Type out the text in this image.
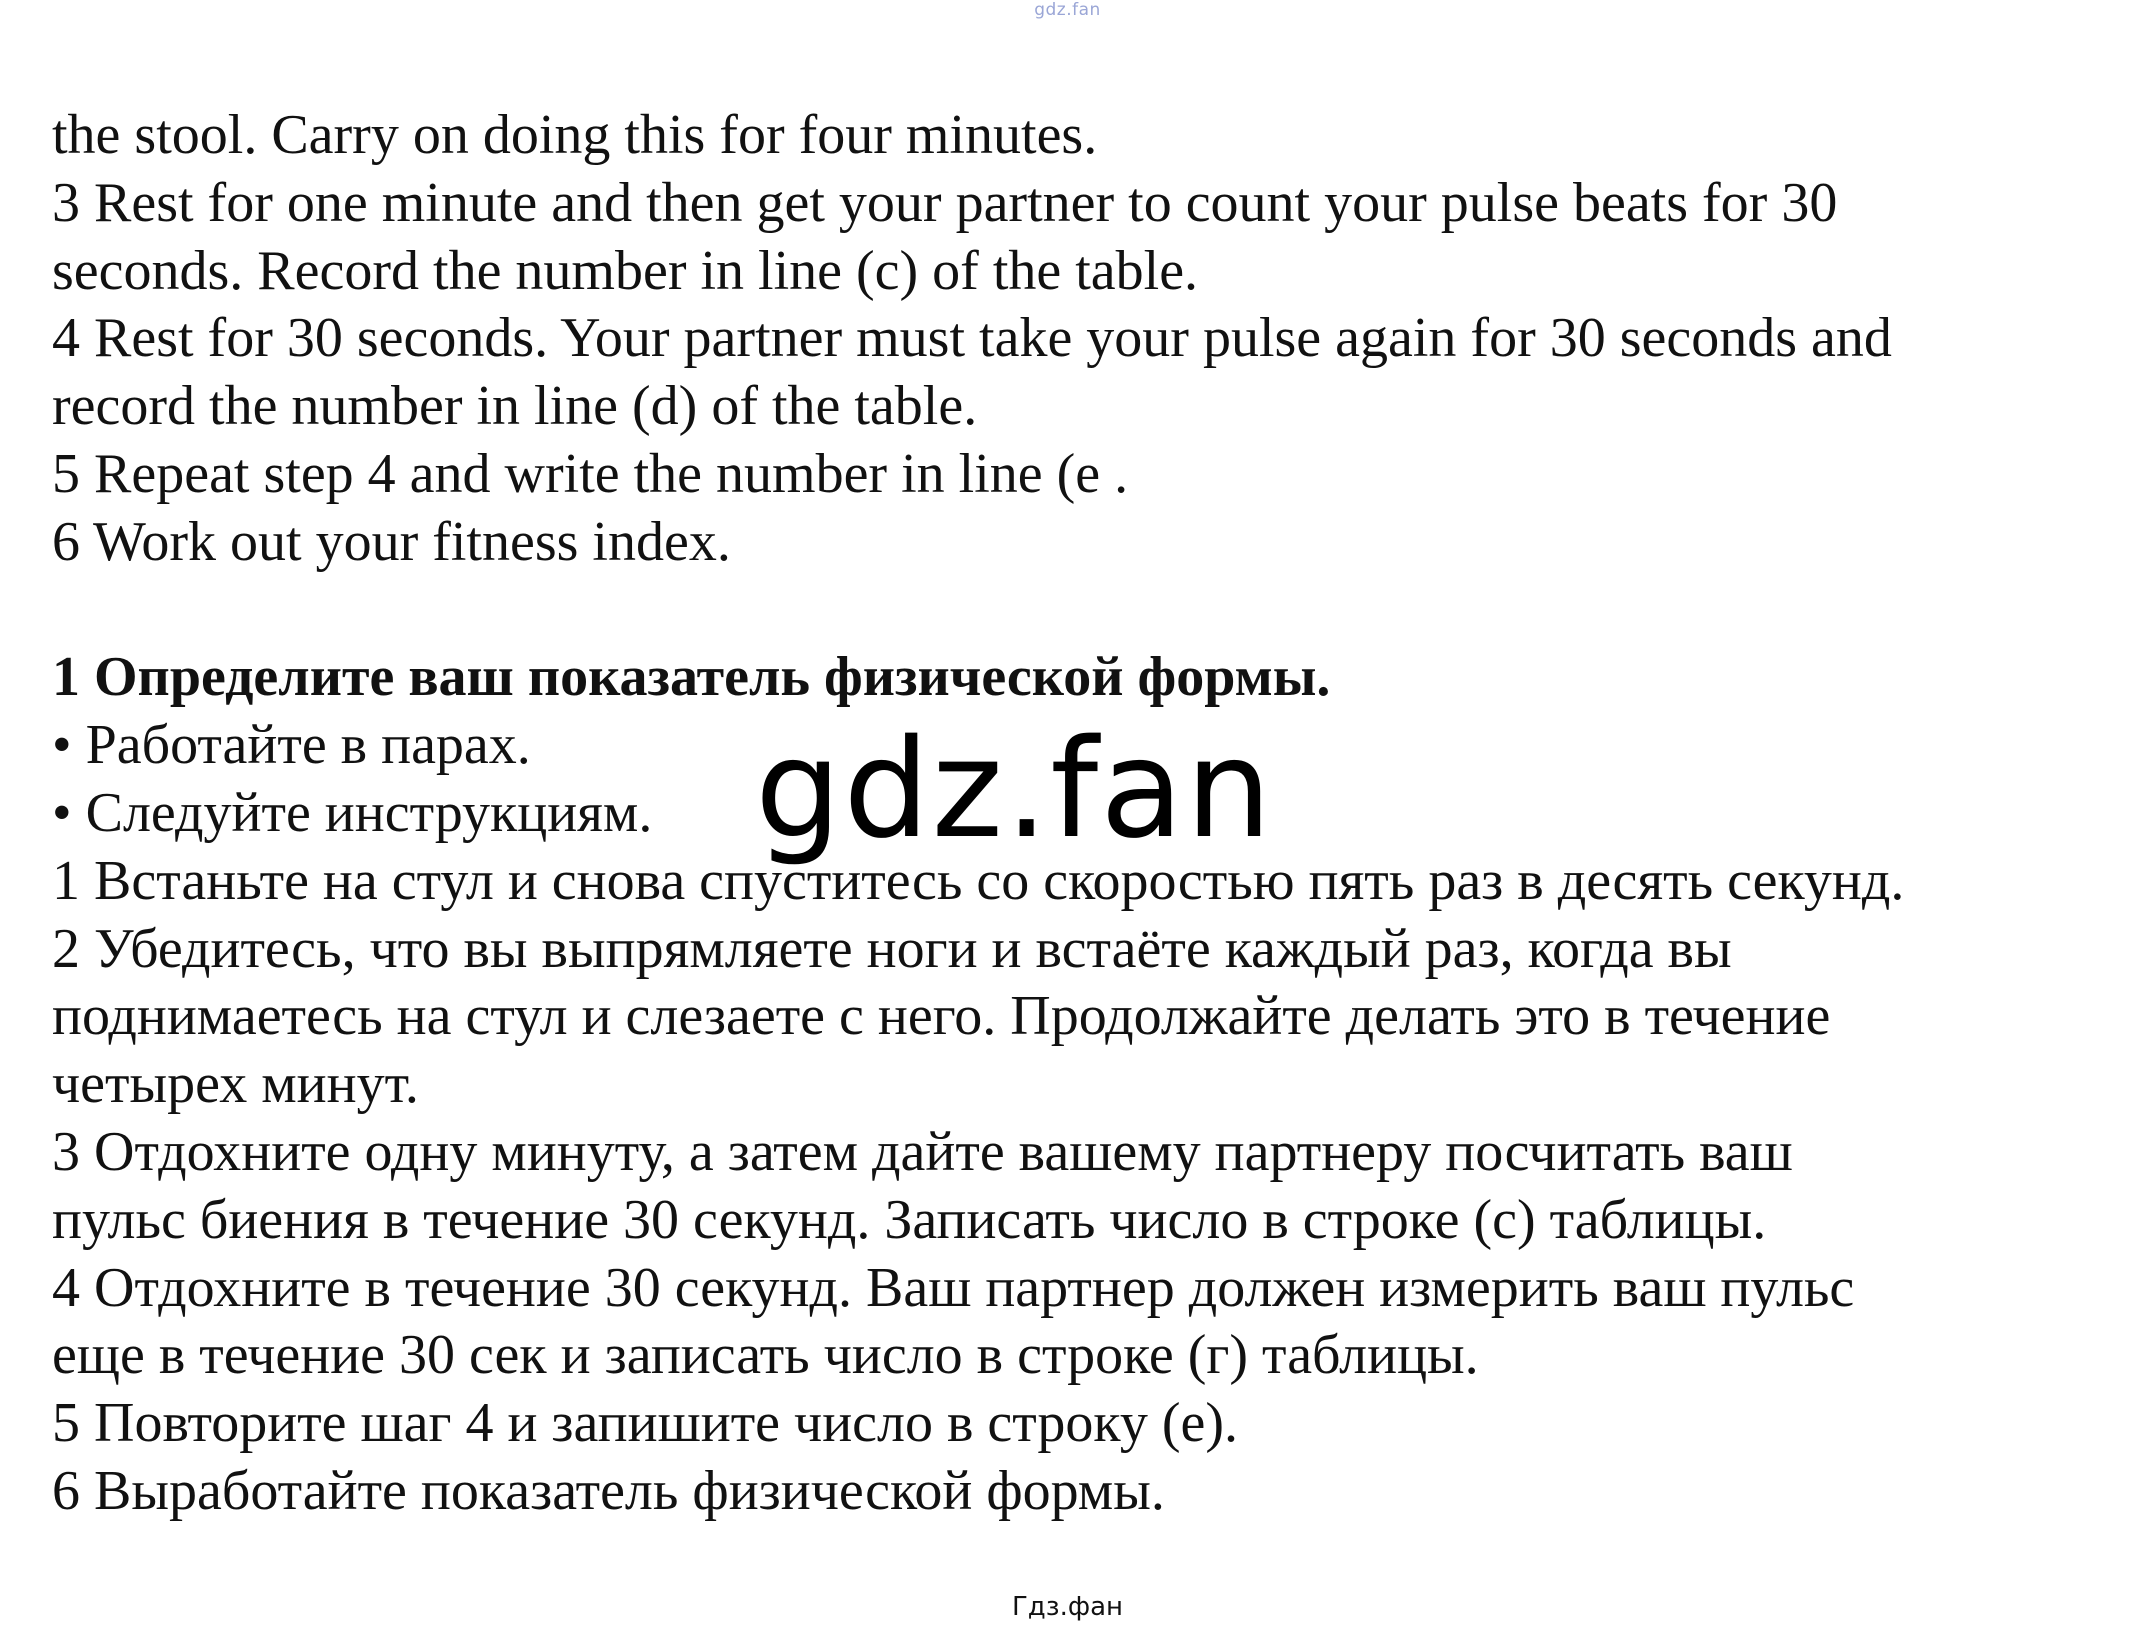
gdz.fan
the stool. Carry on doing this for four minutes.
3 Rest for one minute and then get your partner to count your pulse beats for 30
seconds. Record the number in line (c) of the table.
4 Rest for 30 seconds. Your partner must take your pulse again for 30 seconds and
record the number in line (d) of the table.
5 Repeat step 4 and write the number in line (e .
6 Work out your fitness index.
1 Определите ваш показатель физической формы.
• Работайте в парах.
• Следуйте инструкциям.
1 Встаньте на стул и снова спуститесь со скоростью пять раз в десять секунд.
2 Убедитесь, что вы выпрямляете ноги и встаёте каждый раз, когда вы
поднимаетесь на стул и слезаете с него. Продолжайте делать это в течение
четырех минут.
3 Отдохните одну минуту, а затем дайте вашему партнеру посчитать ваш
пульс биения в течение 30 секунд. Записать число в строке (с) таблицы.
4 Отдохните в течение 30 секунд. Ваш партнер должен измерить ваш пульс
еще в течение 30 сек и записать число в строке (г) таблицы.
5 Повторите шаг 4 и запишите число в строку (е).
6 Выработайте показатель физической формы.
gdz.fan
Гдз.фан
